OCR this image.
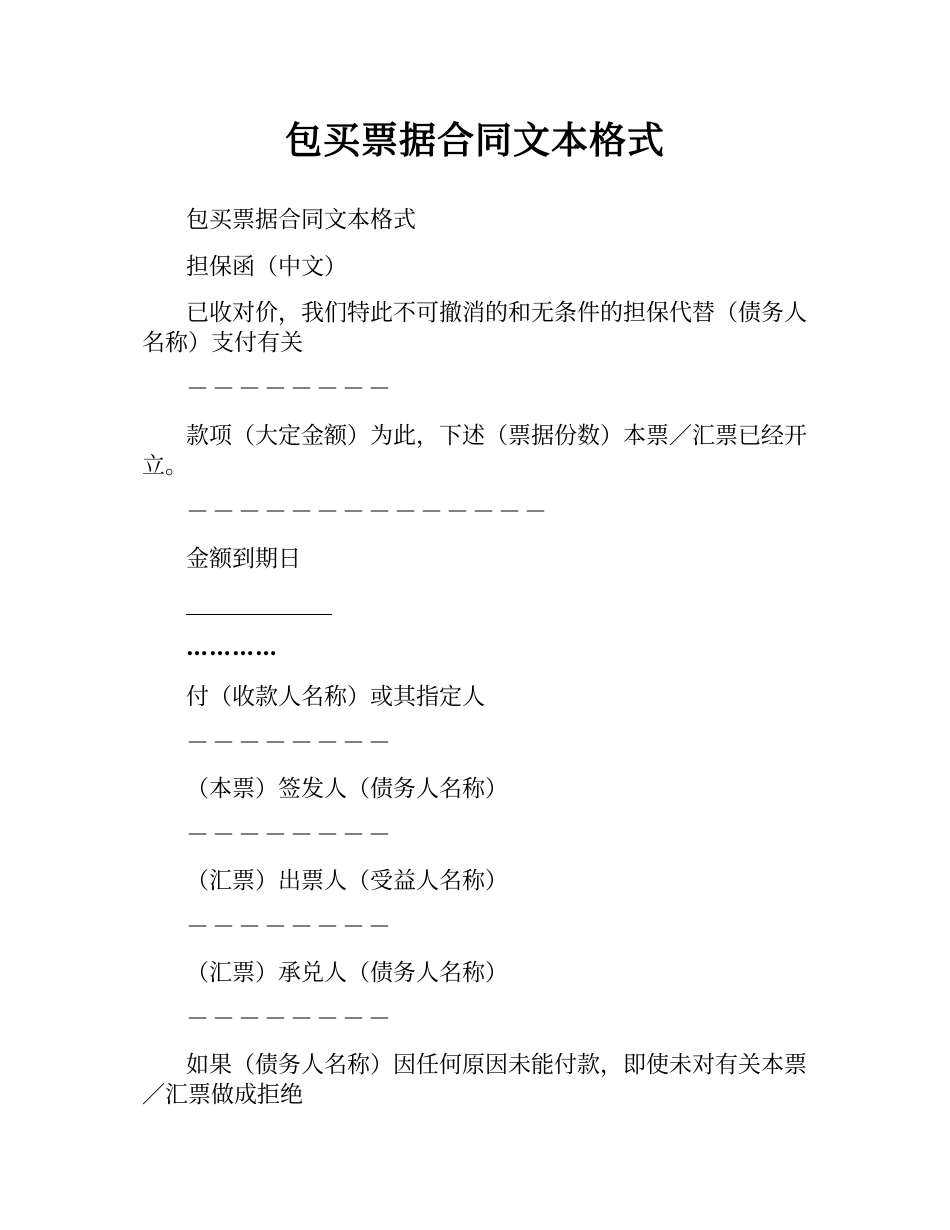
包买票据合同文本格式
包买票据合同文本格式
担保函（中文）
已收对价，我们特此不可撤消的和无条件的担保代替（债务人名称）支付有关
－－－－－－－－
款项（大定金额）为此，下述（票据份数）本票／汇票已经开立。
－－－－－－－－－－－－－－
金额到期日
…………
付（收款人名称）或其指定人
－－－－－－－－
（本票）签发人（债务人名称）
－－－－－－－－
（汇票）出票人（受益人名称）
－－－－－－－－
（汇票）承兑人（债务人名称）
－－－－－－－－
如果（债务人名称）因任何原因未能付款，即使未对有关本票／汇票做成拒绝
